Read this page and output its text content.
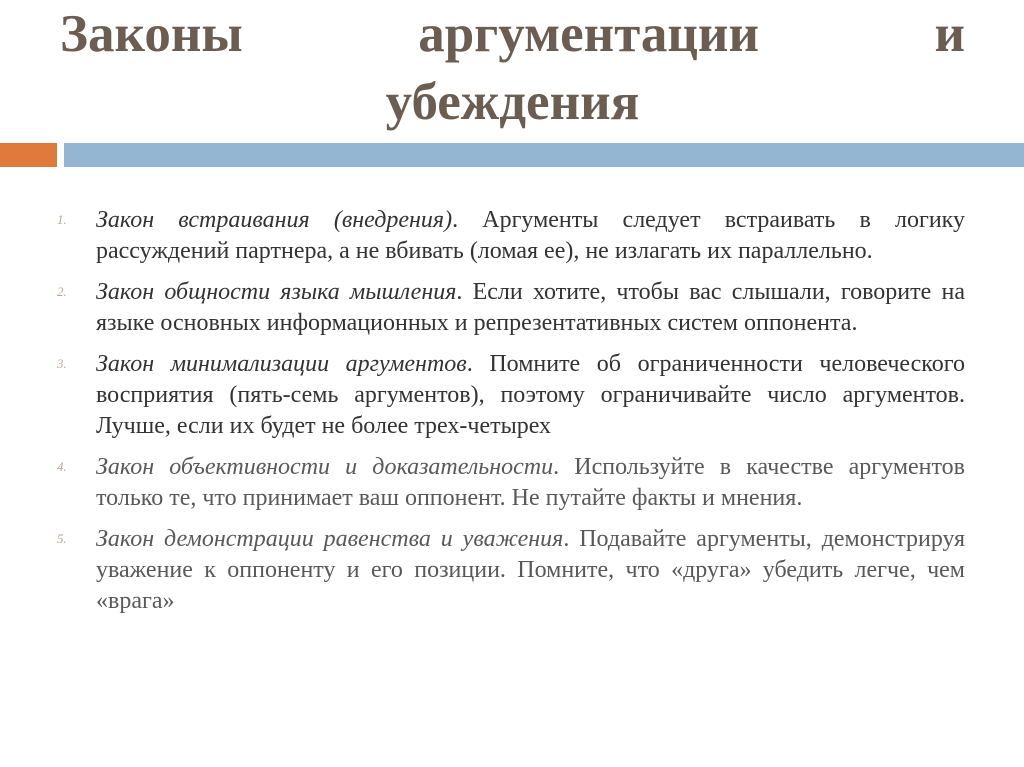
Законы	аргументации	и
убеждения
1. Закон встраивания (внедрения). Аргументы следует встраивать в логику рассуждений партнера, а не вбивать (ломая ее), не излагать их параллельно.
2. Закон общности языка мышления. Если хотите, чтобы вас слышали, говорите на языке основных информационных и репрезентативных систем оппонента.
3. Закон минимализации аргументов. Помните об ограниченности человеческого восприятия (пять-семь аргументов), поэтому ограничивайте число аргументов. Лучше, если их будет не более трех-четырех
4. Закон объективности и доказательности. Используйте в качестве аргументов только те, что принимает ваш оппонент. Не путайте факты и мнения.
5. Закон демонстрации равенства и уважения. Подавайте аргументы, демонстрируя уважение к оппоненту и его позиции. Помните, что «друга» убедить легче, чем «врага»
